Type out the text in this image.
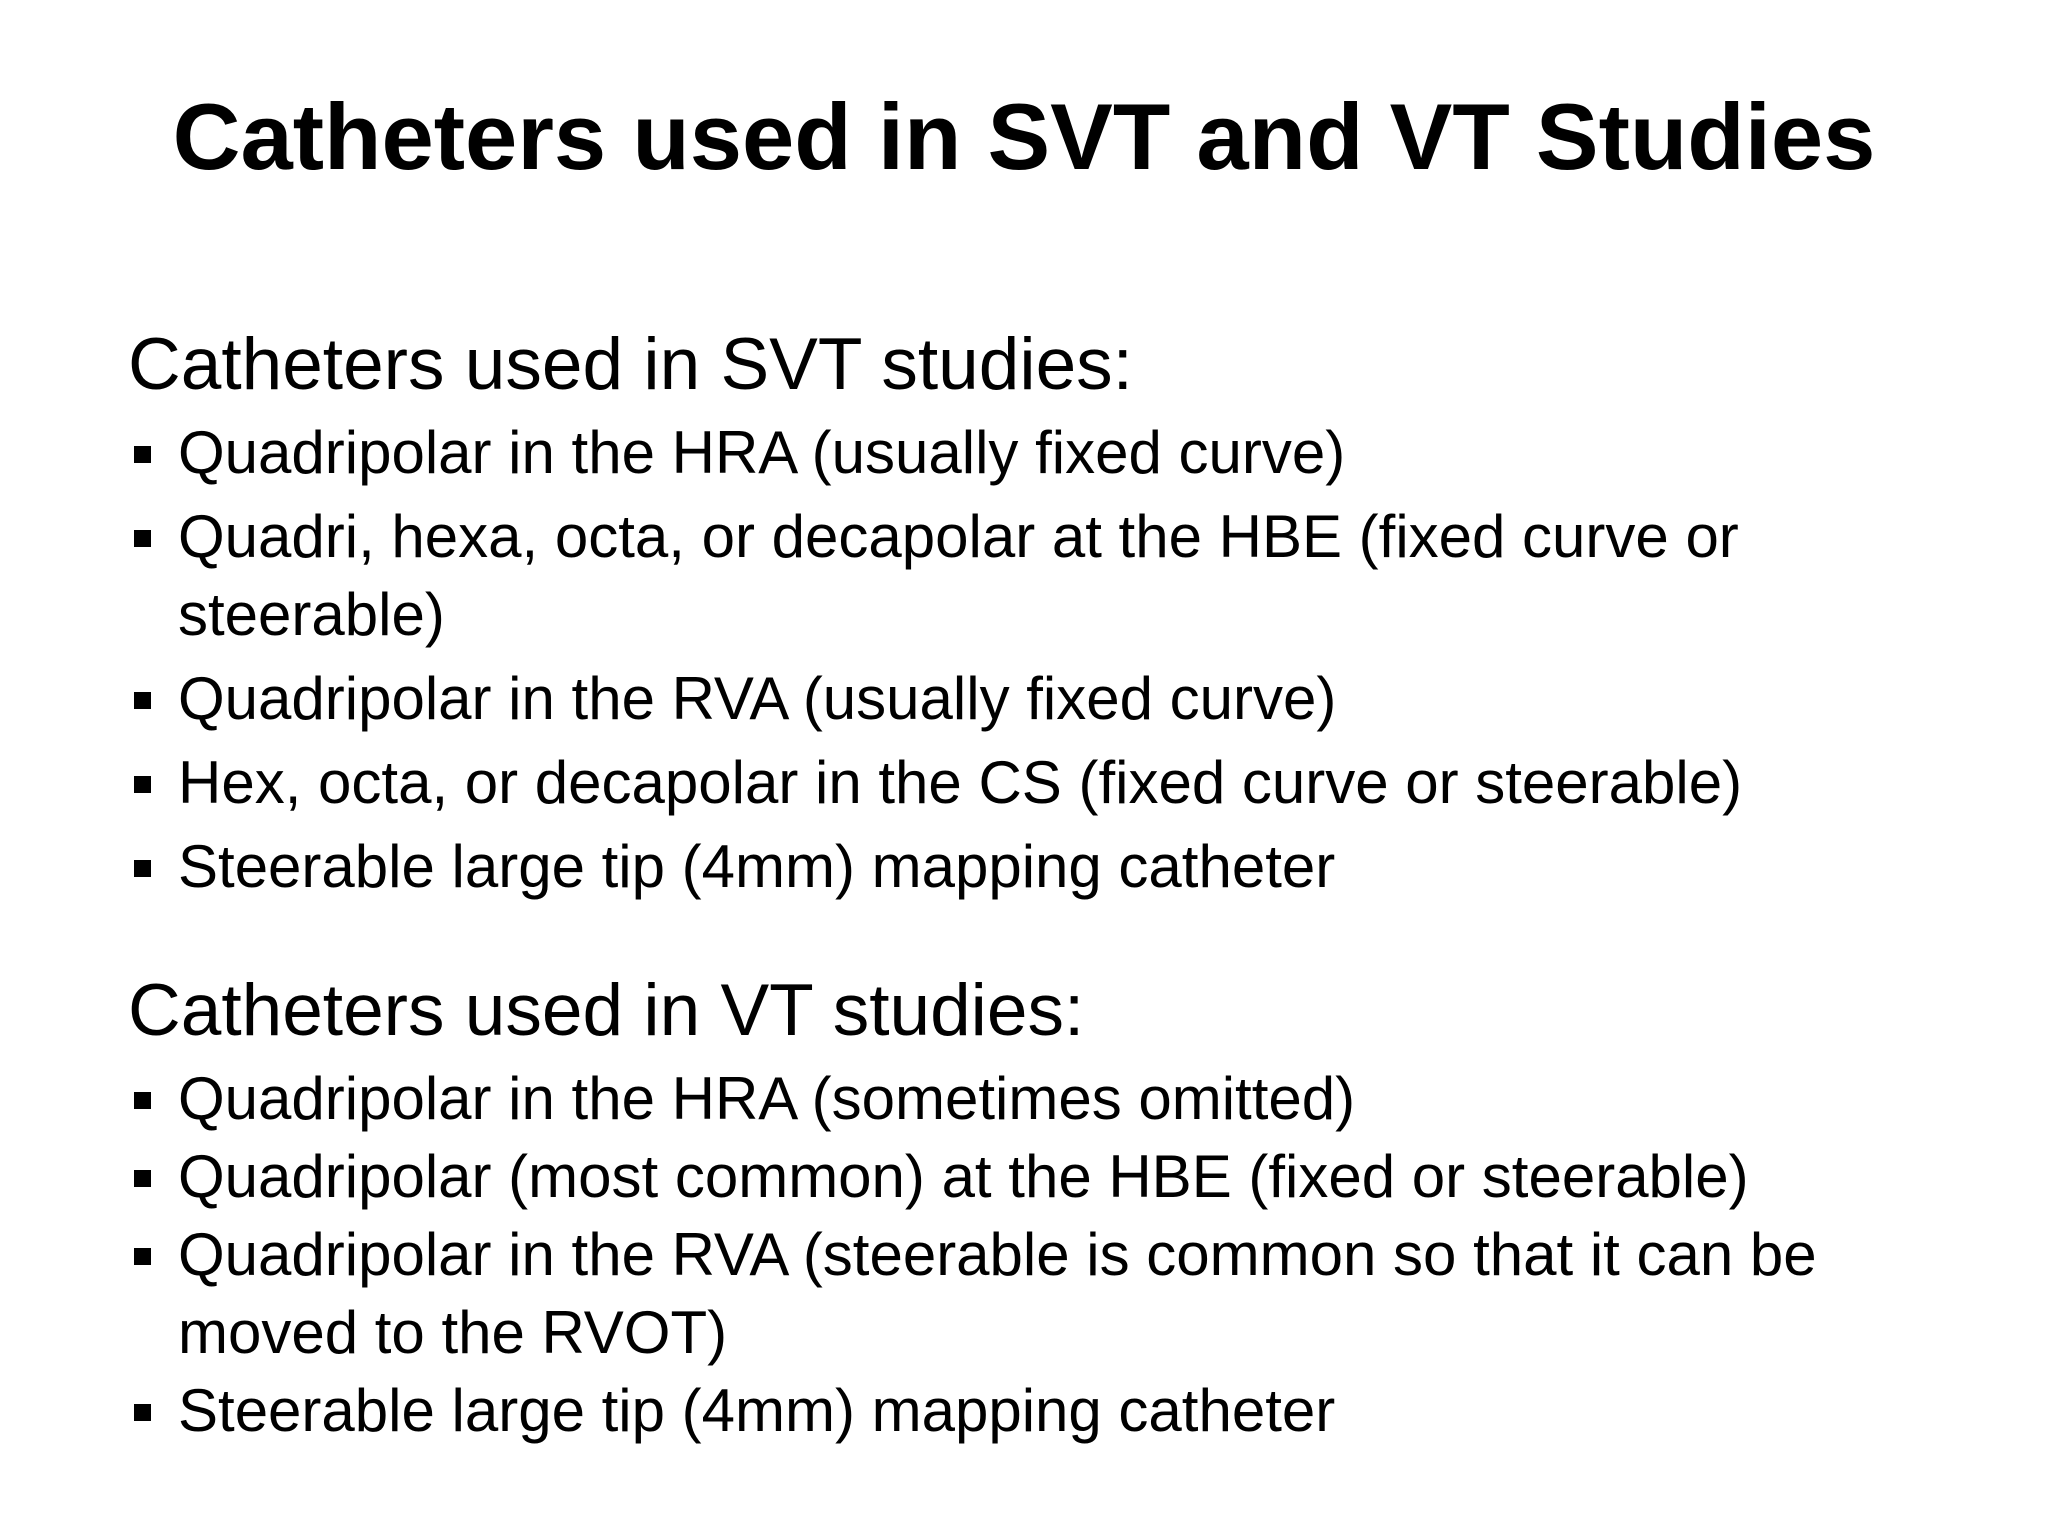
Catheters used in SVT and VT Studies
Catheters used in SVT studies:
Quadripolar in the HRA (usually fixed curve)
Quadri, hexa, octa, or decapolar at the HBE (fixed curve or steerable)
Quadripolar in the RVA (usually fixed curve)
Hex, octa, or decapolar in the CS (fixed curve or steerable)
Steerable large tip (4mm) mapping catheter
Catheters used in VT studies:
Quadripolar in the HRA (sometimes omitted)
Quadripolar (most common) at the HBE (fixed or steerable)
Quadripolar in the RVA (steerable is common so that it can be moved to the RVOT)
Steerable large tip (4mm) mapping catheter
